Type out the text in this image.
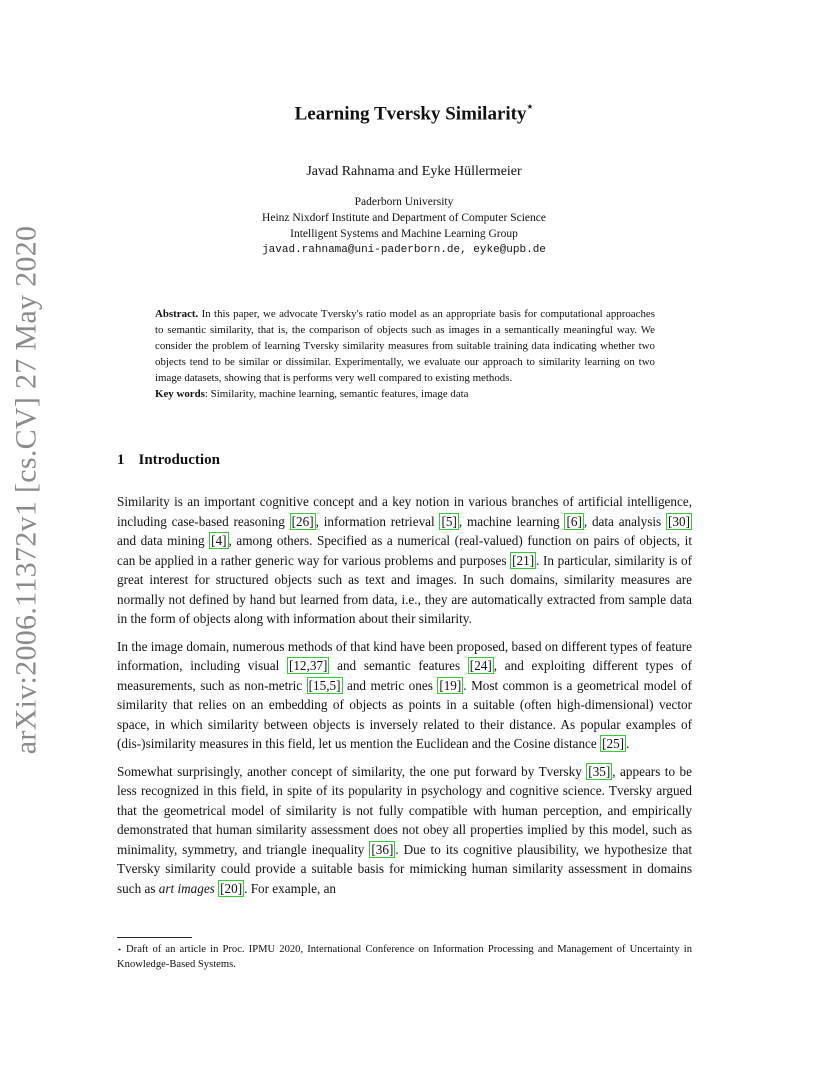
arXiv:2006.11372v1 [cs.CV] 27 May 2020
Learning Tversky Similarity⋆
Javad Rahnama and Eyke Hüllermeier
Paderborn University
Heinz Nixdorf Institute and Department of Computer Science
Intelligent Systems and Machine Learning Group
javad.rahnama@uni-paderborn.de, eyke@upb.de
Abstract. In this paper, we advocate Tversky's ratio model as an appropriate basis for computational approaches to semantic similarity, that is, the comparison of objects such as images in a semantically meaningful way. We consider the problem of learning Tversky similarity measures from suitable training data indicating whether two objects tend to be similar or dissimilar. Experimentally, we evaluate our approach to similarity learning on two image datasets, showing that is performs very well compared to existing methods.
Key words: Similarity, machine learning, semantic features, image data
1 Introduction

Similarity is an important cognitive concept and a key notion in various branches of artificial intelligence, including case-based reasoning [26] , information retrieval [5] , machine learning [6] , data analysis [30] and data mining [4] , among others. Specified as a numerical (real-valued) function on pairs of objects, it can be applied in a rather generic way for various problems and purposes [21] . In particular, similarity is of great interest for structured objects such as text and images. In such domains, similarity measures are normally not defined by hand but learned from data, i.e., they are automatically extracted from sample data in the form of objects along with information about their similarity.

In the image domain, numerous methods of that kind have been proposed, based on different types of feature information, including visual [12,37] and semantic features [24] , and exploiting different types of measurements, such as non-metric [15,5] and metric ones [19] . Most common is a geometrical model of similarity that relies on an embedding of objects as points in a suitable (often high-dimensional) vector space, in which similarity between objects is inversely related to their distance. As popular examples of (dis-)similarity measures in this field, let us mention the Euclidean and the Cosine distance [25] .

Somewhat surprisingly, another concept of similarity, the one put forward by Tversky [35] , appears to be less recognized in this field, in spite of its popularity in psychology and cognitive science. Tversky argued that the geometrical model of similarity is not fully compatible with human perception, and empirically demonstrated that human similarity assessment does not obey all properties implied by this model, such as minimality, symmetry, and triangle inequality [36] . Due to its cognitive plausibility, we hypothesize that Tversky similarity could provide a suitable basis for mimicking human similarity assessment in domains such as art images [20] . For example, an

⋆ Draft of an article in Proc. IPMU 2020, International Conference on Information Processing and Management of Uncertainty in Knowledge-Based Systems.
